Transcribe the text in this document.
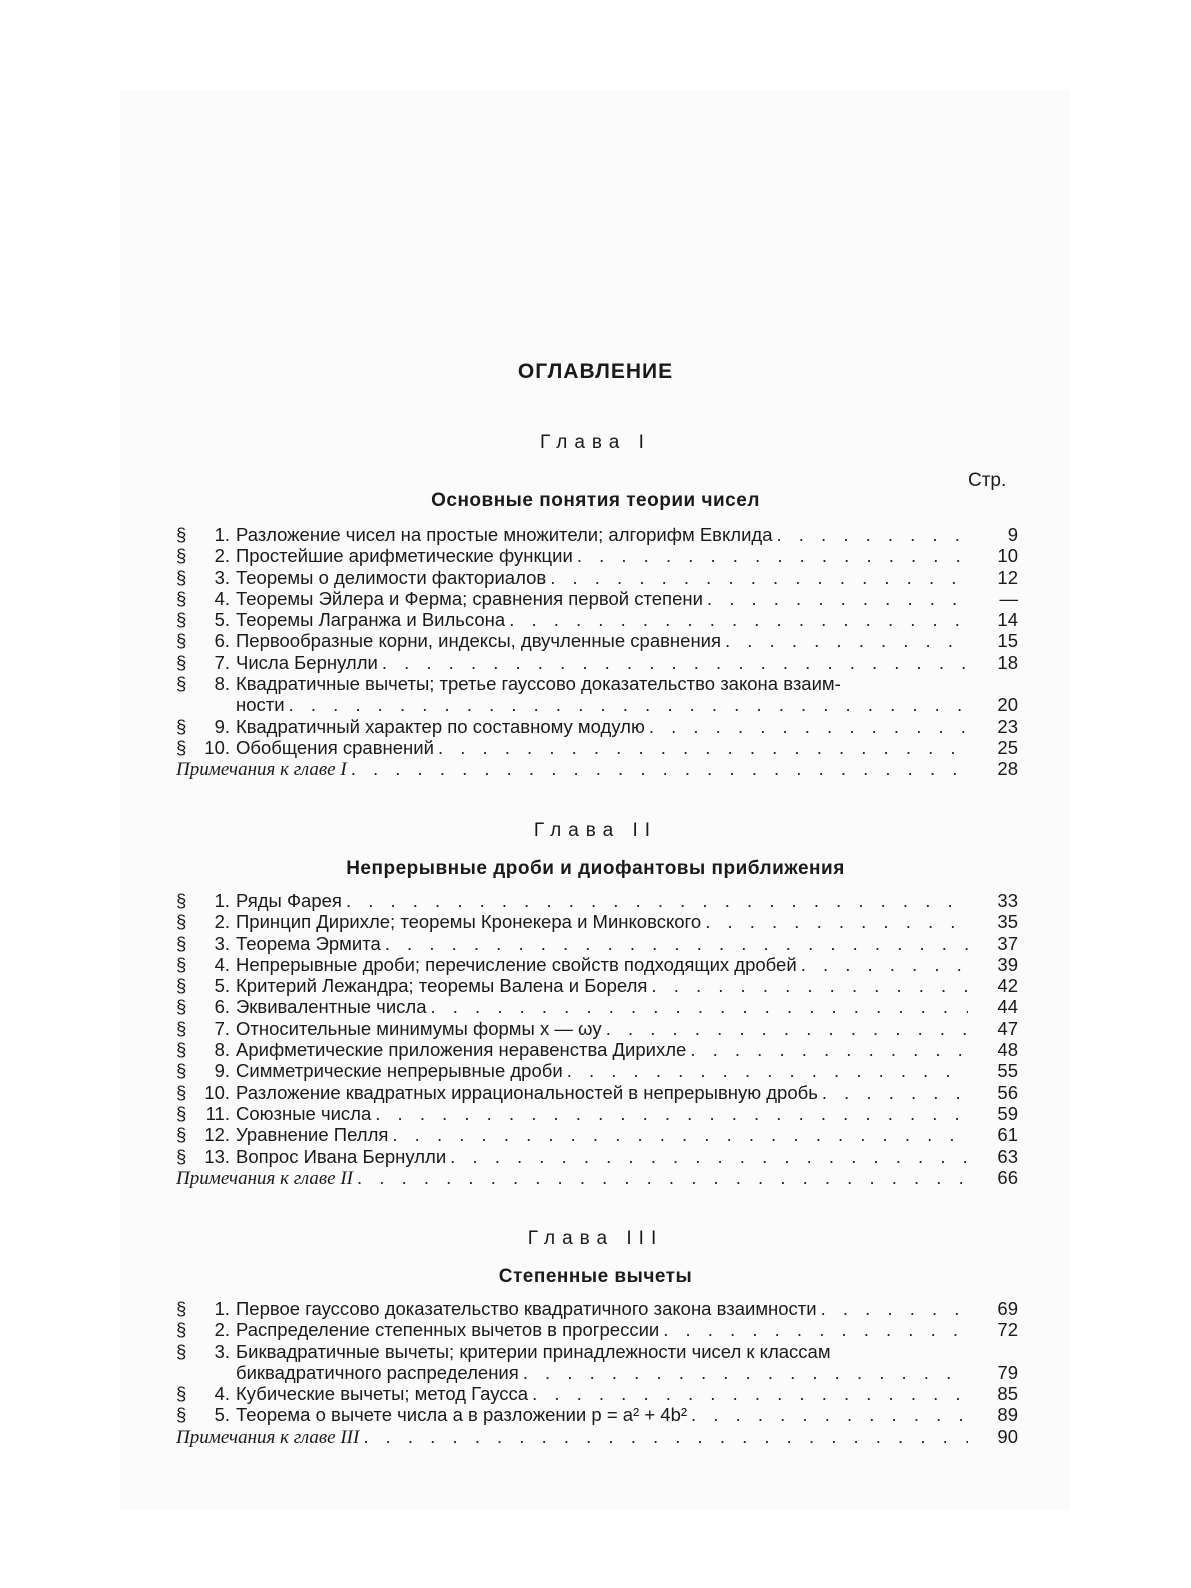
ОГЛАВЛЕНИЕ
Стр.
Глава I
Основные понятия теории чисел
§	1. Разложение чисел на простые множители; алгорифм Евклида . . .	9
§	2. Простейшие арифметические функции . . .	10
§	3. Теоремы о делимости факториалов . . .	12
§	4. Теоремы Эйлера и Ферма; сравнения первой степени . . .	—
§	5. Теоремы Лагранжа и Вильсона . . .	14
§	6. Первообразные корни, индексы, двучленные сравнения . . .	15
§	7. Числа Бернулли . . .	18
§	8. Квадратичные вычеты; третье гауссово доказательство закона взаим-
ности . . .	20
§	9. Квадратичный характер по составному модулю . . .	23
§ 10. Обобщения сравнений . . .	25
Примечания к главе I . . .	28
Глава II
Непрерывные дроби и диофантовы приближения
§	1. Ряды Фарея . . .	33
§	2. Принцип Дирихле; теоремы Кронекера и Минковского . . .	35
§	3. Теорема Эрмита . . .	37
§	4. Непрерывные дроби; перечисление свойств подходящих дробей . . .	39
§	5. Критерий Лежандра; теоремы Валена и Бореля . . .	42
§	6. Эквивалентные числа . . .	44
§	7. Относительные минимумы формы x — ωy . . .	47
§	8. Арифметические приложения неравенства Дирихле . . .	48
§	9. Симметрические непрерывные дроби . . .	55
§ 10. Разложение квадратных иррациональностей в непрерывную дробь . . .	56
§	11. Союзные числа . . .	59
§ 12. Уравнение Пелля . . .	61
§ 13. Вопрос Ивана Бернулли . . .	63
Примечания к главе II . . .	66
Глава III
Степенные вычеты
§	1. Первое гауссово доказательство квадратичного закона взаимности . . .	69
§	2. Распределение степенных вычетов в прогрессии . . .	72
§	3. Биквадратичные вычеты; критерии принадлежности чисел к классам
биквадратичного распределения . . .	79
§	4. Кубические вычеты; метод Гаусса . . .	85
§	5. Теорема о вычете числа a в разложении p = a² + 4b² . . .	89
Примечания к главе III . . .	90
